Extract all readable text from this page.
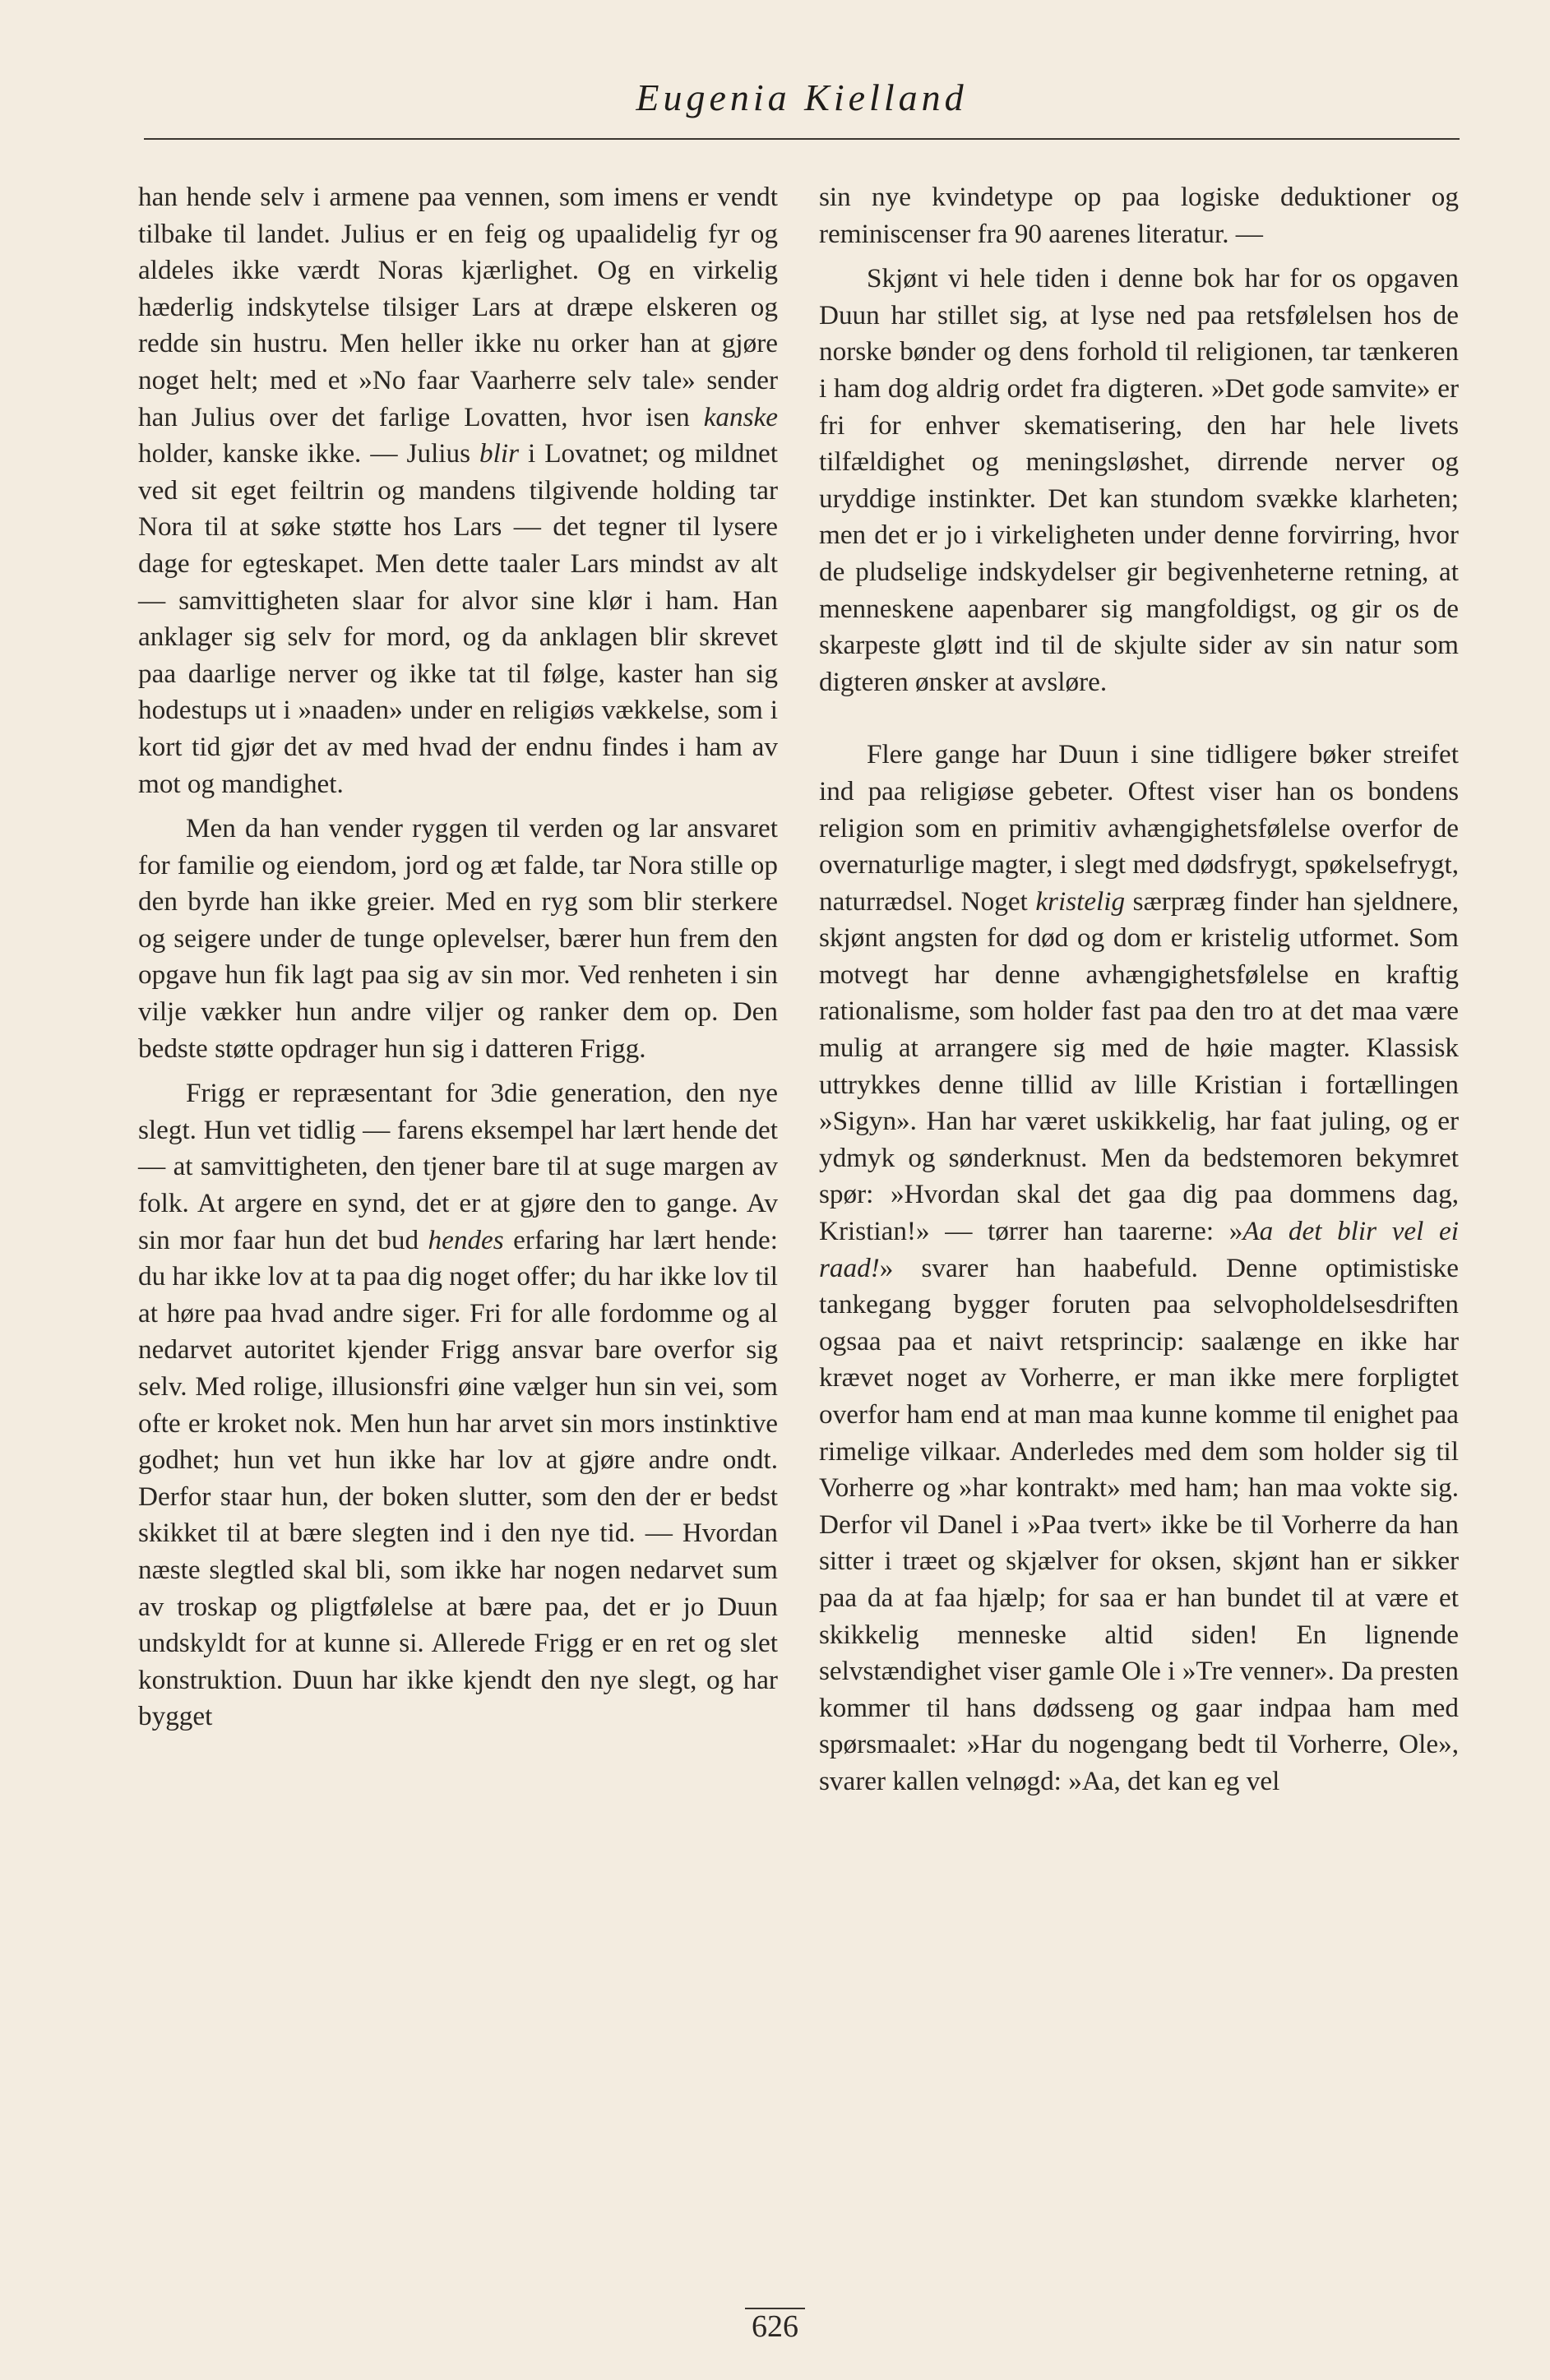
Eugenia Kielland

han hende selv i armene paa vennen, som imens er vendt tilbake til landet. Julius er en feig og upaalidelig fyr og aldeles ikke værdt Noras kjærlighet. Og en virkelig hæderlig indskytelse tilsiger Lars at dræpe elskeren og redde sin hustru. Men heller ikke nu orker han at gjøre noget helt; med et »No faar Vaarherre selv tale» sender han Julius over det farlige Lovatten, hvor isen kanske holder, kanske ikke. — Julius blir i Lovatnet; og mildnet ved sit eget feiltrin og mandens tilgivende holding tar Nora til at søke støtte hos Lars — det tegner til lysere dage for egteskapet. Men dette taaler Lars mindst av alt — samvittigheten slaar for alvor sine klør i ham. Han anklager sig selv for mord, og da anklagen blir skrevet paa daarlige nerver og ikke tat til følge, kaster han sig hodestups ut i »naaden» under en religiøs vækkelse, som i kort tid gjør det av med hvad der endnu findes i ham av mot og mandighet.

Men da han vender ryggen til verden og lar ansvaret for familie og eiendom, jord og æt falde, tar Nora stille op den byrde han ikke greier. Med en ryg som blir sterkere og seigere under de tunge oplevelser, bærer hun frem den opgave hun fik lagt paa sig av sin mor. Ved renheten i sin vilje vækker hun andre viljer og ranker dem op. Den bedste støtte opdrager hun sig i datteren Frigg.

Frigg er repræsentant for 3die generation, den nye slegt. Hun vet tidlig — farens eksempel har lært hende det — at samvittigheten, den tjener bare til at suge margen av folk. At argere en synd, det er at gjøre den to gange. Av sin mor faar hun det bud hendes erfaring har lært hende: du har ikke lov at ta paa dig noget offer; du har ikke lov til at høre paa hvad andre siger. Fri for alle fordomme og al nedarvet autoritet kjender Frigg ansvar bare overfor sig selv. Med rolige, illusionsfri øine vælger hun sin vei, som ofte er kroket nok. Men hun har arvet sin mors instinktive godhet; hun vet hun ikke har lov at gjøre andre ondt. Derfor staar hun, der boken slutter, som den der er bedst skikket til at bære slegten ind i den nye tid. — Hvordan næste slegtled skal bli, som ikke har nogen nedarvet sum av troskap og pligtfølelse at bære paa, det er jo Duun undskyldt for at kunne si. Allerede Frigg er en ret og slet konstruktion. Duun har ikke kjendt den nye slegt, og har bygget

sin nye kvindetype op paa logiske deduktioner og reminiscenser fra 90 aarenes literatur. —

Skjønt vi hele tiden i denne bok har for os opgaven Duun har stillet sig, at lyse ned paa retsfølelsen hos de norske bønder og dens forhold til religionen, tar tænkeren i ham dog aldrig ordet fra digteren. »Det gode samvite» er fri for enhver skematisering, den har hele livets tilfældighet og meningsløshet, dirrende nerver og uryddige instinkter. Det kan stundom svække klarheten; men det er jo i virkeligheten under denne forvirring, hvor de pludselige indskydelser gir begivenheterne retning, at menneskene aapenbarer sig mangfoldigst, og gir os de skarpeste gløtt ind til de skjulte sider av sin natur som digteren ønsker at avsløre.

Flere gange har Duun i sine tidligere bøker streifet ind paa religiøse gebeter. Oftest viser han os bondens religion som en primitiv avhængighetsfølelse overfor de overnaturlige magter, i slegt med dødsfrygt, spøkelsefrygt, naturrædsel. Noget kristelig særpræg finder han sjeldnere, skjønt angsten for død og dom er kristelig utformet. Som motvegt har denne avhængighetsfølelse en kraftig rationalisme, som holder fast paa den tro at det maa være mulig at arrangere sig med de høie magter. Klassisk uttrykkes denne tillid av lille Kristian i fortællingen »Sigyn». Han har været uskikkelig, har faat juling, og er ydmyk og sønderknust. Men da bedstemoren bekymret spør: »Hvordan skal det gaa dig paa dommens dag, Kristian!» — tørrer han taarerne: »Aa det blir vel ei raad!» svarer han haabefuld. Denne optimistiske tankegang bygger foruten paa selvopholdelsesdriften ogsaa paa et naivt retsprincip: saalænge en ikke har krævet noget av Vorherre, er man ikke mere forpligtet overfor ham end at man maa kunne komme til enighet paa rimelige vilkaar. Anderledes med dem som holder sig til Vorherre og »har kontrakt» med ham; han maa vokte sig. Derfor vil Danel i »Paa tvert» ikke be til Vorherre da han sitter i træet og skjælver for oksen, skjønt han er sikker paa da at faa hjælp; for saa er han bundet til at være et skikkelig menneske altid siden! En lignende selvstændighet viser gamle Ole i »Tre venner». Da presten kommer til hans dødsseng og gaar indpaa ham med spørsmaalet: »Har du nogengang bedt til Vorherre, Ole», svarer kallen velnøgd: »Aa, det kan eg vel

626
